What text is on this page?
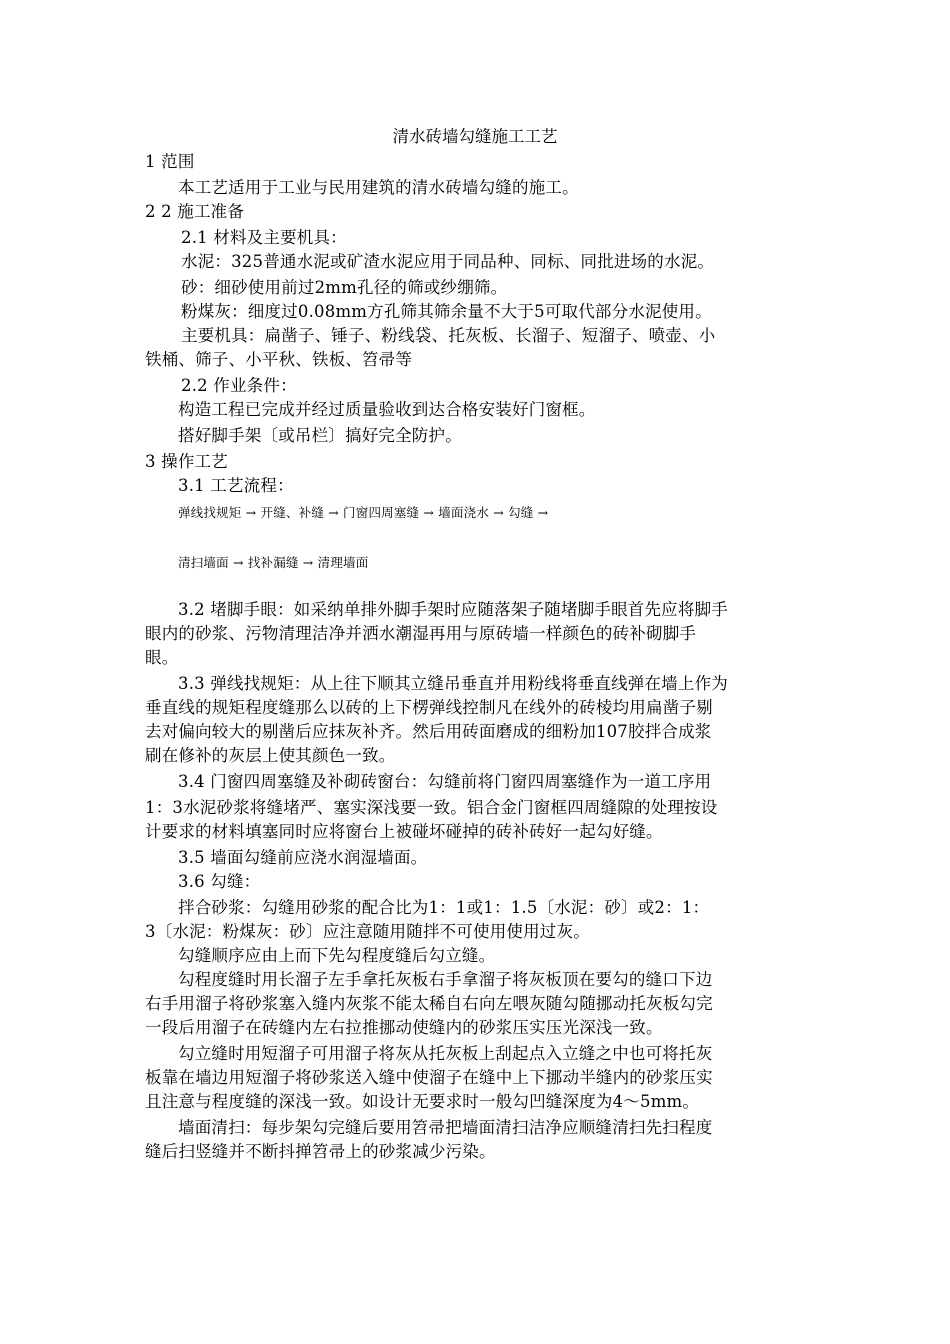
清水砖墙勾缝施工工艺
1 范围
本工艺适用于工业与民用建筑的清水砖墙勾缝的施工。
2 2 施工准备
2.1 材料及主要机具：
水泥：325普通水泥或矿渣水泥应用于同品种、同标、同批进场的水泥。
砂：细砂使用前过2mm孔径的筛或纱绷筛。
粉煤灰：细度过0.08mm方孔筛其筛余量不大于5可取代部分水泥使用。
主要机具：扁凿子、锤子、粉线袋、托灰板、长溜子、短溜子、喷壶、小
铁桶、筛子、小平秋、铁板、笤帚等
2.2 作业条件：
构造工程已完成并经过质量验收到达合格安装好门窗框。
搭好脚手架〔或吊栏〕搞好完全防护。
3 操作工艺
3.1 工艺流程：
弹线找规矩 → 开缝、补缝 → 门窗四周塞缝 → 墙面浇水 → 勾缝 →
清扫墙面 → 找补漏缝 → 清理墙面
3.2 堵脚手眼：如采纳单排外脚手架时应随落架子随堵脚手眼首先应将脚手
眼内的砂浆、污物清理洁净并洒水潮湿再用与原砖墙一样颜色的砖补砌脚手
眼。
3.3 弹线找规矩：从上往下顺其立缝吊垂直并用粉线将垂直线弹在墙上作为
垂直线的规矩程度缝那么以砖的上下楞弹线控制凡在线外的砖棱均用扁凿子剔
去对偏向较大的剔凿后应抹灰补齐。然后用砖面磨成的细粉加107胶拌合成浆
刷在修补的灰层上使其颜色一致。
3.4 门窗四周塞缝及补砌砖窗台：勾缝前将门窗四周塞缝作为一道工序用
1：3水泥砂浆将缝堵严、塞实深浅要一致。铝合金门窗框四周缝隙的处理按设
计要求的材料填塞同时应将窗台上被碰坏碰掉的砖补砖好一起勾好缝。
3.5 墙面勾缝前应浇水润湿墙面。
3.6 勾缝：
拌合砂浆：勾缝用砂浆的配合比为1：1或1：1.5〔水泥：砂〕或2：1：
3〔水泥：粉煤灰：砂〕应注意随用随拌不可使用使用过灰。
勾缝顺序应由上而下先勾程度缝后勾立缝。
勾程度缝时用长溜子左手拿托灰板右手拿溜子将灰板顶在要勾的缝口下边
右手用溜子将砂浆塞入缝内灰浆不能太稀自右向左喂灰随勾随挪动托灰板勾完
一段后用溜子在砖缝内左右拉推挪动使缝内的砂浆压实压光深浅一致。
勾立缝时用短溜子可用溜子将灰从托灰板上刮起点入立缝之中也可将托灰
板靠在墙边用短溜子将砂浆送入缝中使溜子在缝中上下挪动半缝内的砂浆压实
且注意与程度缝的深浅一致。如设计无要求时一般勾凹缝深度为4～5mm。
墙面清扫：每步架勾完缝后要用笤帚把墙面清扫洁净应顺缝清扫先扫程度
缝后扫竖缝并不断抖掸笤帚上的砂浆减少污染。
